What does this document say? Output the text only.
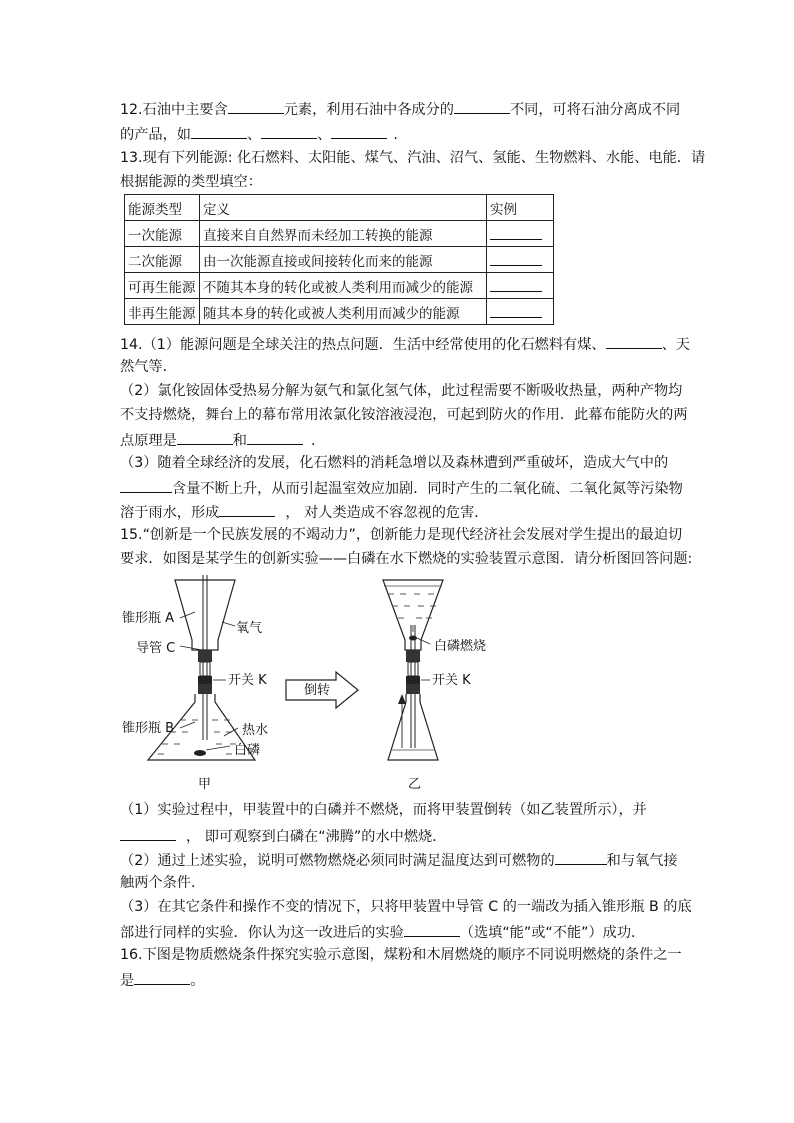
12.石油中主要含	元素，利用石油中各成分的	不同，可将石油分离成不同
的产品，如	、	、	.
13.现有下列能源: 化石燃料、太阳能、煤气、汽油、沼气、氢能、生物燃料、水能、电能．请
根据能源的类型填空：
能源类型	定义	实例
一次能源	直接来自自然界而未经加工转换的能源	
二次能源	由一次能源直接或间接转化而来的能源	
可再生能源	不随其本身的转化或被人类利用而减少的能源	
非再生能源	随其本身的转化或被人类利用而减少的能源	
14.（1）能源问题是全球关注的热点问题．生活中经常使用的化石燃料有煤、	、天
然气等．
（2）氯化铵固体受热易分解为氨气和氯化氢气体，此过程需要不断吸收热量，两种产物均
不支持燃烧，舞台上的幕布常用浓氯化铵溶液浸泡，可起到防火的作用．此幕布能防火的两
点原理是	和	.
（3）随着全球经济的发展，化石燃料的消耗急增以及森林遭到严重破坏，造成大气中的
含量不断上升，从而引起温室效应加剧．同时产生的二氧化硫、二氧化氮等污染物
溶于雨水，形成	， 对人类造成不容忽视的危害．
15.“创新是一个民族发展的不竭动力”，创新能力是现代经济社会发展对学生提出的最迫切
要求．如图是某学生的创新实验——白磷在水下燃烧的实验装置示意图．请分析图回答问题:
锥形瓶 A
导管 C
氧气
开关 K
锥形瓶 B	热水
白磷
甲
倒转
白磷燃烧
开关 K
乙
（1）实验过程中，甲装置中的白磷并不燃烧，而将甲装置倒转（如乙装置所示），并
， 即可观察到白磷在“沸腾”的水中燃烧．
（2）通过上述实验，说明可燃物燃烧必须同时满足温度达到可燃物的	和与氧气接
触两个条件．
（3）在其它条件和操作不变的情况下，只将甲装置中导管 C 的一端改为插入锥形瓶 B 的底
部进行同样的实验．你认为这一改进后的实验	（选填“能”或“不能”）成功．
16.下图是物质燃烧条件探究实验示意图，煤粉和木屑燃烧的顺序不同说明燃烧的条件之一
是	。
